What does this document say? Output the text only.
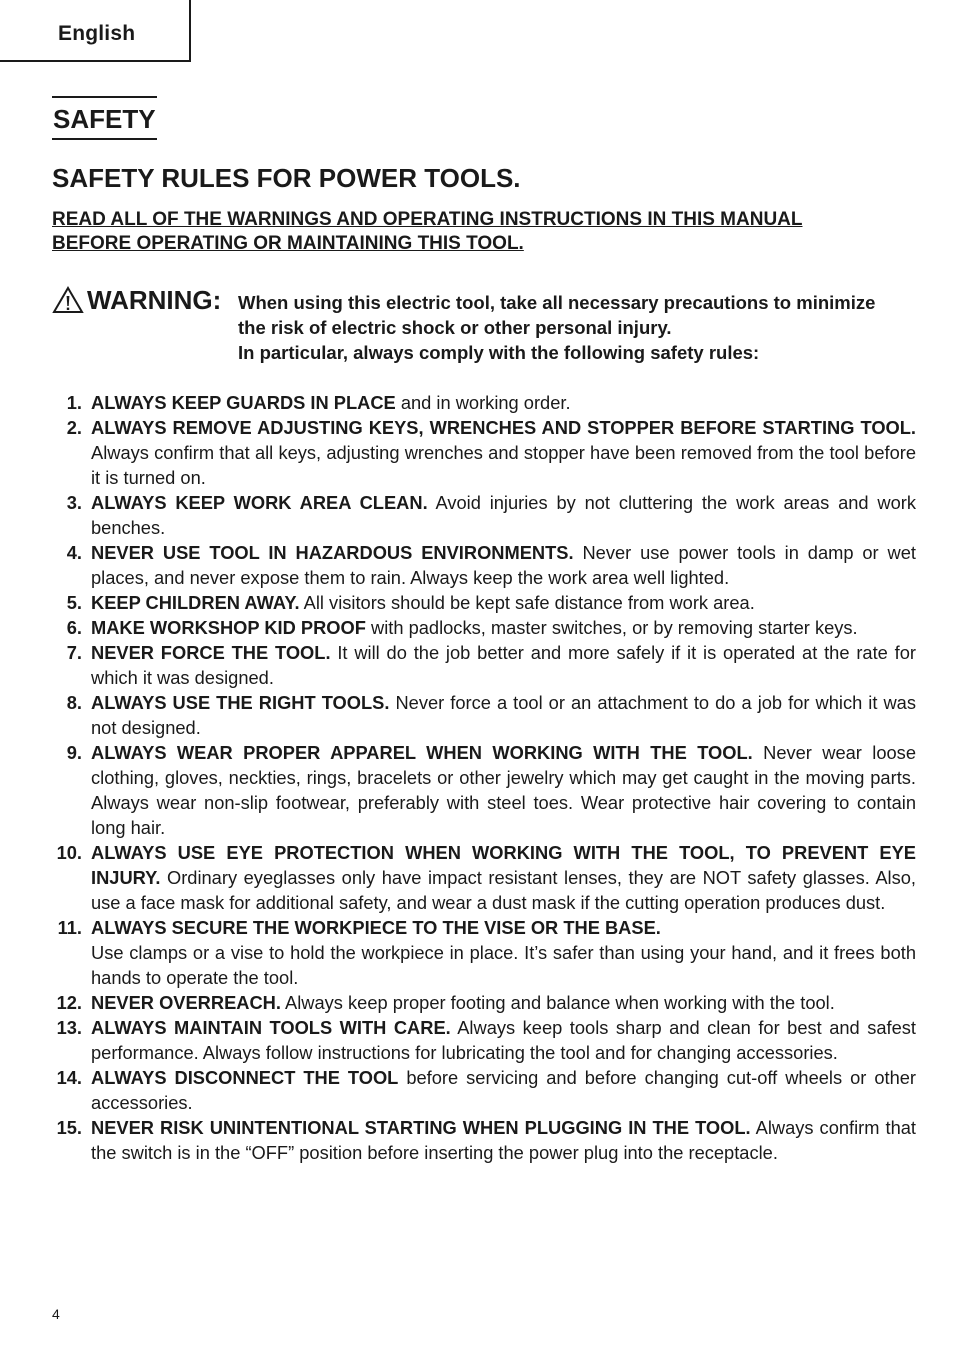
English
SAFETY
SAFETY RULES FOR POWER TOOLS.
READ ALL OF THE WARNINGS AND OPERATING INSTRUCTIONS IN THIS MANUAL BEFORE OPERATING OR MAINTAINING THIS TOOL.
WARNING: When using this electric tool, take all necessary precautions to minimize
the risk of electric shock or other personal injury.
In particular, always comply with the following safety rules:
1. ALWAYS KEEP GUARDS IN PLACE and in working order.
2. ALWAYS REMOVE ADJUSTING KEYS, WRENCHES AND STOPPER BEFORE STARTING TOOL. Always confirm that all keys, adjusting wrenches and stopper have been removed from the tool before it is turned on.
3. ALWAYS KEEP WORK AREA CLEAN. Avoid injuries by not cluttering the work areas and work benches.
4. NEVER USE TOOL IN HAZARDOUS ENVIRONMENTS. Never use power tools in damp or wet places, and never expose them to rain. Always keep the work area well lighted.
5. KEEP CHILDREN AWAY. All visitors should be kept safe distance from work area.
6. MAKE WORKSHOP KID PROOF with padlocks, master switches, or by removing starter keys.
7. NEVER FORCE THE TOOL. It will do the job better and more safely if it is operated at the rate for which it was designed.
8. ALWAYS USE THE RIGHT TOOLS. Never force a tool or an attachment to do a job for which it was not designed.
9. ALWAYS WEAR PROPER APPAREL WHEN WORKING WITH THE TOOL. Never wear loose clothing, gloves, neckties, rings, bracelets or other jewelry which may get caught in the moving parts. Always wear non-slip footwear, preferably with steel toes. Wear protective hair covering to contain long hair.
10. ALWAYS USE EYE PROTECTION WHEN WORKING WITH THE TOOL, TO PREVENT EYE INJURY. Ordinary eyeglasses only have impact resistant lenses, they are NOT safety glasses. Also, use a face mask for additional safety, and wear a dust mask if the cutting operation produces dust.
11. ALWAYS SECURE THE WORKPIECE TO THE VISE OR THE BASE.
Use clamps or a vise to hold the workpiece in place. It’s safer than using your hand, and it frees both hands to operate the tool.
12. NEVER OVERREACH. Always keep proper footing and balance when working with the tool.
13. ALWAYS MAINTAIN TOOLS WITH CARE. Always keep tools sharp and clean for best and safest performance. Always follow instructions for lubricating the tool and for changing accessories.
14. ALWAYS DISCONNECT THE TOOL before servicing and before changing cut-off wheels or other accessories.
15. NEVER RISK UNINTENTIONAL STARTING WHEN PLUGGING IN THE TOOL. Always confirm that the switch is in the “OFF” position before inserting the power plug into the receptacle.
4
